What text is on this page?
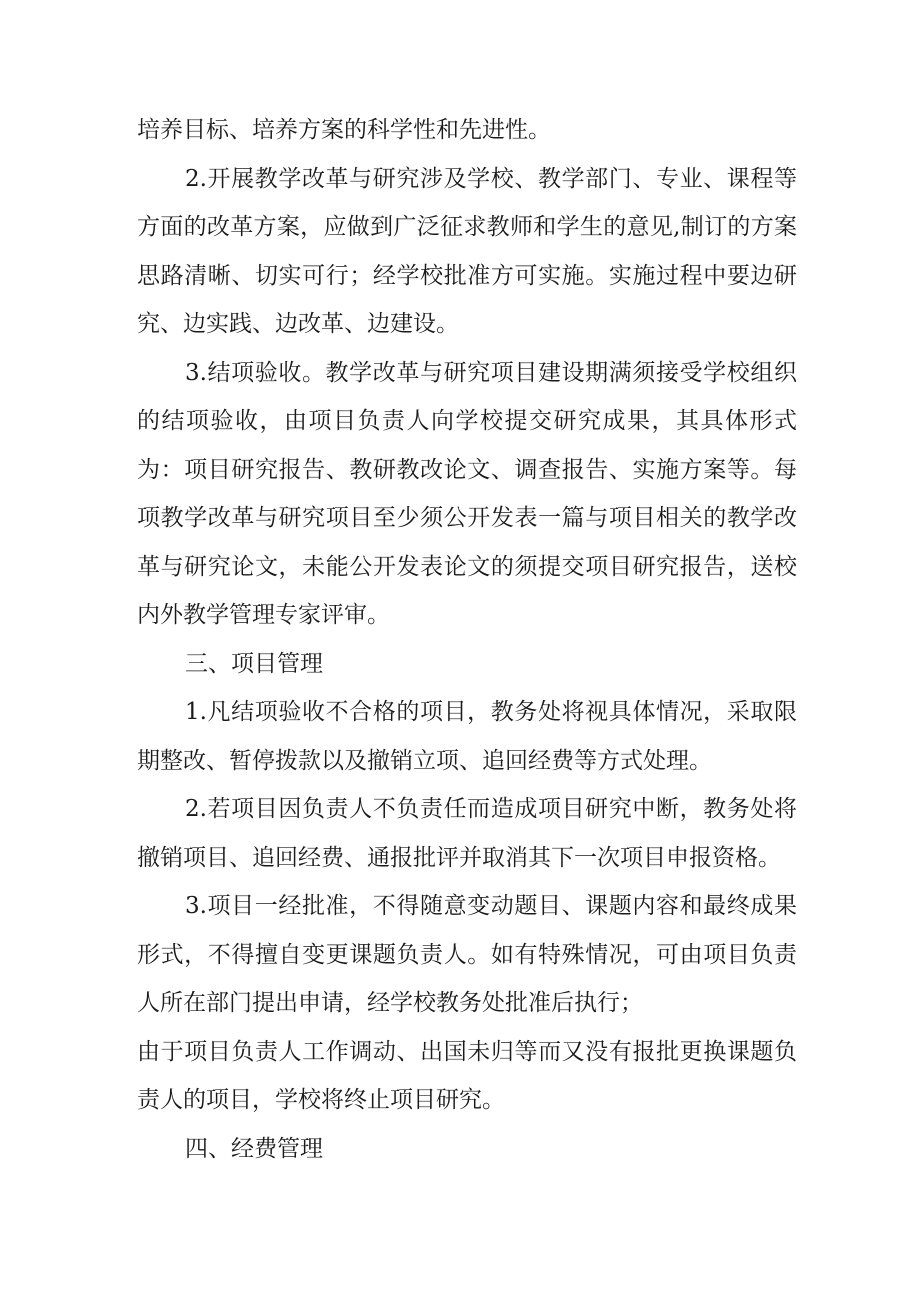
培养目标、培养方案的科学性和先进性。

2.开展教学改革与研究涉及学校、教学部门、专业、课程等方面的改革方案，应做到广泛征求教师和学生的意见,制订的方案思路清晰、切实可行；经学校批准方可实施。实施过程中要边研究、边实践、边改革、边建设。

3.结项验收。教学改革与研究项目建设期满须接受学校组织的结项验收，由项目负责人向学校提交研究成果，其具体形式为：项目研究报告、教研教改论文、调查报告、实施方案等。每项教学改革与研究项目至少须公开发表一篇与项目相关的教学改革与研究论文，未能公开发表论文的须提交项目研究报告，送校内外教学管理专家评审。

三、项目管理

1.凡结项验收不合格的项目，教务处将视具体情况，采取限期整改、暂停拨款以及撤销立项、追回经费等方式处理。

2.若项目因负责人不负责任而造成项目研究中断，教务处将撤销项目、追回经费、通报批评并取消其下一次项目申报资格。

3.项目一经批准，不得随意变动题目、课题内容和最终成果形式，不得擅自变更课题负责人。如有特殊情况，可由项目负责人所在部门提出申请，经学校教务处批准后执行；

由于项目负责人工作调动、出国未归等而又没有报批更换课题负责人的项目，学校将终止项目研究。

四、经费管理
